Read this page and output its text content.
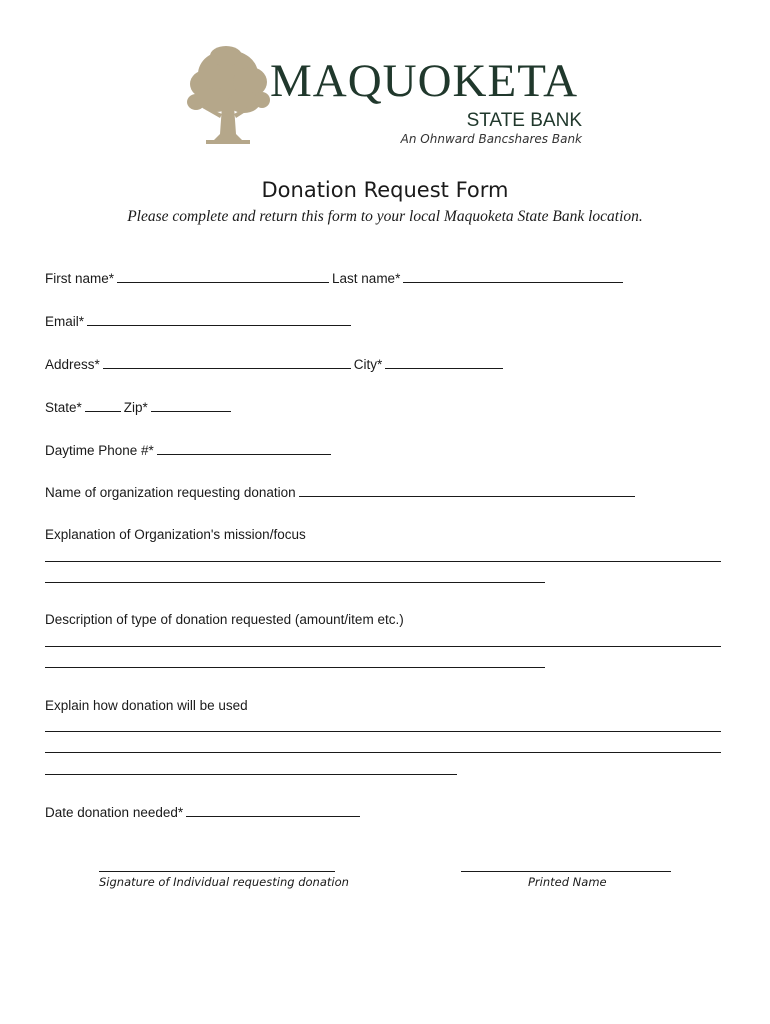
MAQUOKETA
STATE BANK
An Ohnward Bancshares Bank
Donation Request Form
Please complete and return this form to your local Maquoketa State Bank location.
First name*	Last name*
Email*
Address*	City*
State*	Zip*
Daytime Phone #*
Name of organization requesting donation
Explanation of Organization's mission/focus
Description of type of donation requested (amount/item etc.)
Explain how donation will be used
Date donation needed*
Signature of Individual requesting donation	Printed Name
